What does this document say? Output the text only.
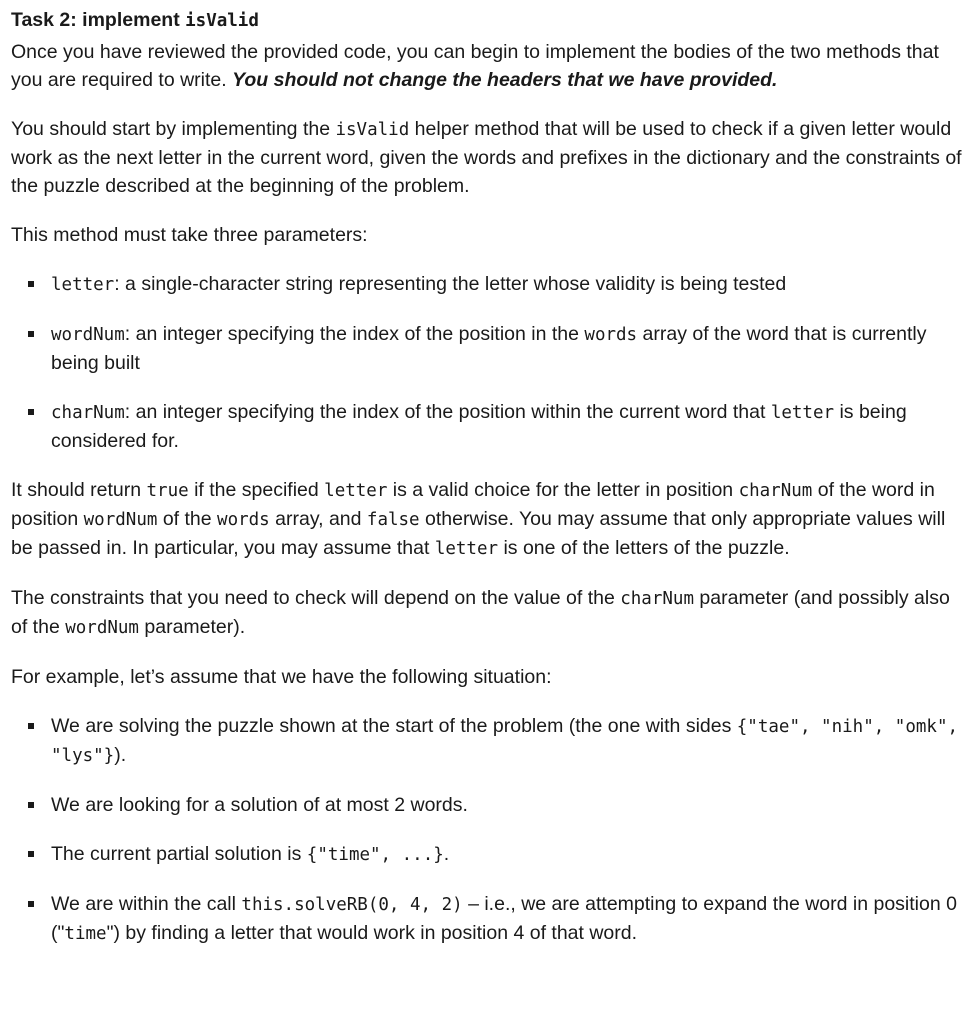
Task 2: implement isValid

Once you have reviewed the provided code, you can begin to implement the bodies of the two methods that you are required to write. You should not change the headers that we have provided.

You should start by implementing the isValid helper method that will be used to check if a given letter would work as the next letter in the current word, given the words and prefixes in the dictionary and the constraints of the puzzle described at the beginning of the problem.

This method must take three parameters:

letter: a single-character string representing the letter whose validity is being tested
wordNum: an integer specifying the index of the position in the words array of the word that is currently being built
charNum: an integer specifying the index of the position within the current word that letter is being considered for.

It should return true if the specified letter is a valid choice for the letter in position charNum of the word in position wordNum of the words array, and false otherwise. You may assume that only appropriate values will be passed in. In particular, you may assume that letter is one of the letters of the puzzle.

The constraints that you need to check will depend on the value of the charNum parameter (and possibly also of the wordNum parameter).

For example, let’s assume that we have the following situation:

We are solving the puzzle shown at the start of the problem (the one with sides {"tae", "nih", "omk", "lys"}).
We are looking for a solution of at most 2 words.
The current partial solution is {"time", ...}.
We are within the call this.solveRB(0, 4, 2) – i.e., we are attempting to expand the word in position 0 ("time") by finding a letter that would work in position 4 of that word.
